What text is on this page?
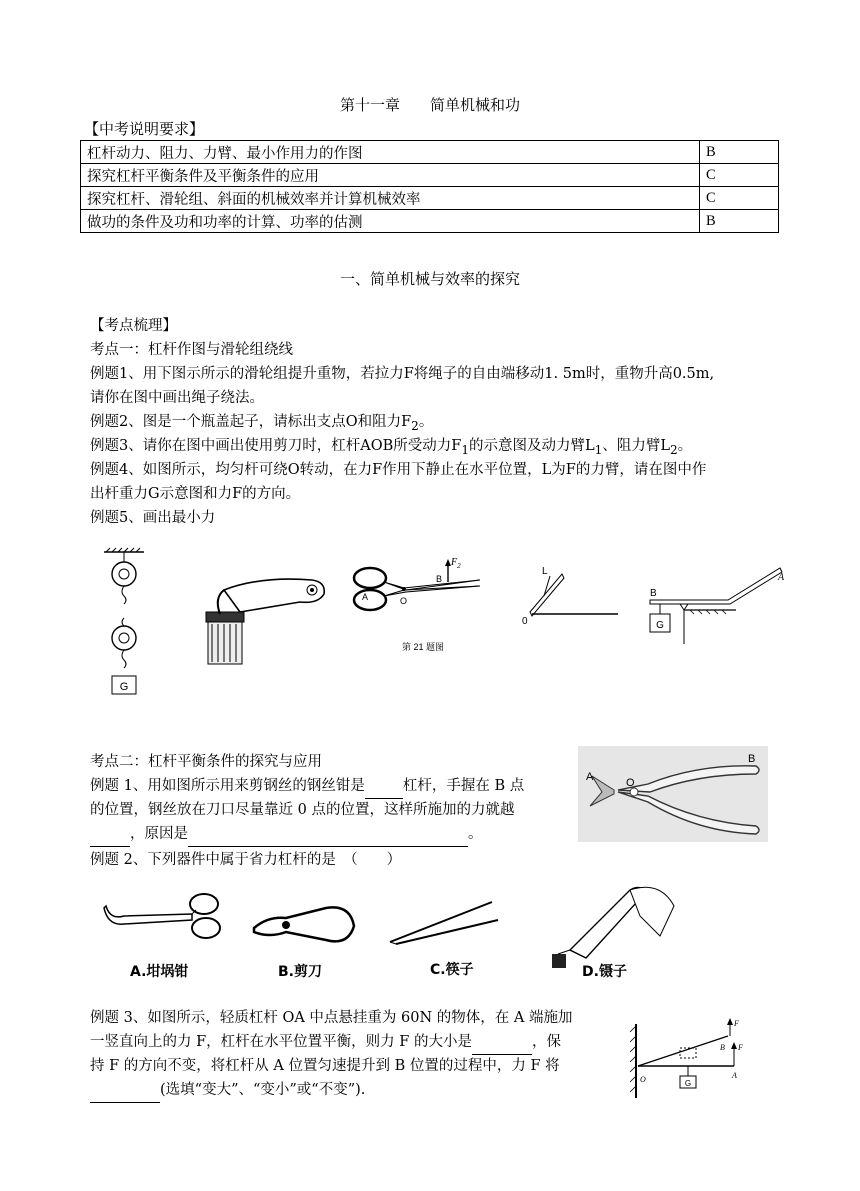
第十一章 简单机械和功
【中考说明要求】
杠杆动力、阻力、力臂、最小作用力的作图	B
探究杠杆平衡条件及平衡条件的应用	C
探究杠杆、滑轮组、斜面的机械效率并计算机械效率	C
做功的条件及功和功率的计算、功率的估测	B
一、简单机械与效率的探究
【考点梳理】
考点一：杠杆作图与滑轮组绕线
例题1、用下图示所示的滑轮组提升重物，若拉力F将绳子的自由端移动1. 5m时，重物升高0.5m,
请你在图中画出绳子绕法。
例题2、图是一个瓶盖起子，请标出支点O和阻力$F_2$。
例题3、请你在图中画出使用剪刀时，杠杆AOB所受动力$F_1$的示意图及动力臂$L_1$、阻力臂$L_2$。
例题4、如图所示，均匀杆可绕O转动，在力F作用下静止在水平位置，L为F的力臂，请在图中作
出杆重力G示意图和力F的方向。
例题5、画出最小力
G
$F_2$
B
A	O
第 21 题图
L
0	G
B
A
考点二：杠杆平衡条件的探究与应用
例题 1、用如图所示用来剪钢丝的钢丝钳是	杠杆，手握在 B 点
的位置，钢丝放在刀口尽量靠近 0 点的位置，这样所施加的力就越
，原因是	。
例题 2、下列器件中属于省力杠杆的是　（　　）
A	O
B
A.坩埚钳	B.剪刀	C.筷子	D.镊子
例题 3、如图所示，轻质杠杆 OA 中点悬挂重为 60N 的物体，在 A 端施加
一竖直向上的力 F，杠杆在水平位置平衡，则力 F 的大小是	，保
持 F 的方向不变，将杠杆从 A 位置匀速提升到 B 位置的过程中，力 F 将
(选填“变大”、“变小”或“不变”).
F
B F
O	G
A
